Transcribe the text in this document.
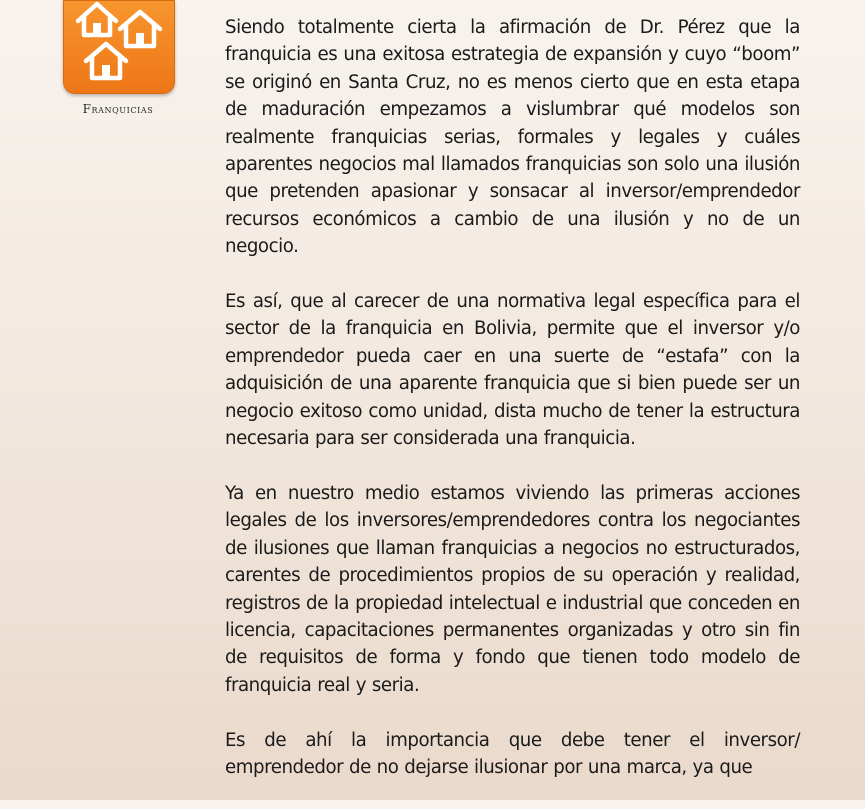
Franquicias

Siendo totalmente cierta la afirmación de Dr. Pérez que la franquicia es una exitosa estrategia de expansión y cuyo “boom” se originó en Santa Cruz, no es menos cierto que en esta etapa de maduración empezamos a vislumbrar qué modelos son realmente franquicias serias, formales y legales y cuáles aparentes negocios mal llamados franquicias son solo una ilusión que pretenden apasionar y sonsacar al inversor/emprendedor recursos económicos a cambio de una ilusión y no de un negocio.

Es así, que al carecer de una normativa legal específica para el sector de la franquicia en Bolivia, permite que el inversor y/o emprendedor pueda caer en una suerte de “estafa” con la adquisición de una aparente franquicia que si bien puede ser un negocio exitoso como unidad, dista mucho de tener la estructura necesaria para ser considerada una franquicia.

Ya en nuestro medio estamos viviendo las primeras acciones legales de los inversores/emprendedores contra los negociantes de ilusiones que llaman franquicias a negocios no estructurados, carentes de procedimientos propios de su operación y realidad, registros de la propiedad intelectual e industrial que conceden en licencia, capacitaciones permanentes organizadas y otro sin fin de requisitos de forma y fondo que tienen todo modelo de franquicia real y seria.

Es de ahí la importancia que debe tener el inversor/ emprendedor de no dejarse ilusionar por una marca, ya que
